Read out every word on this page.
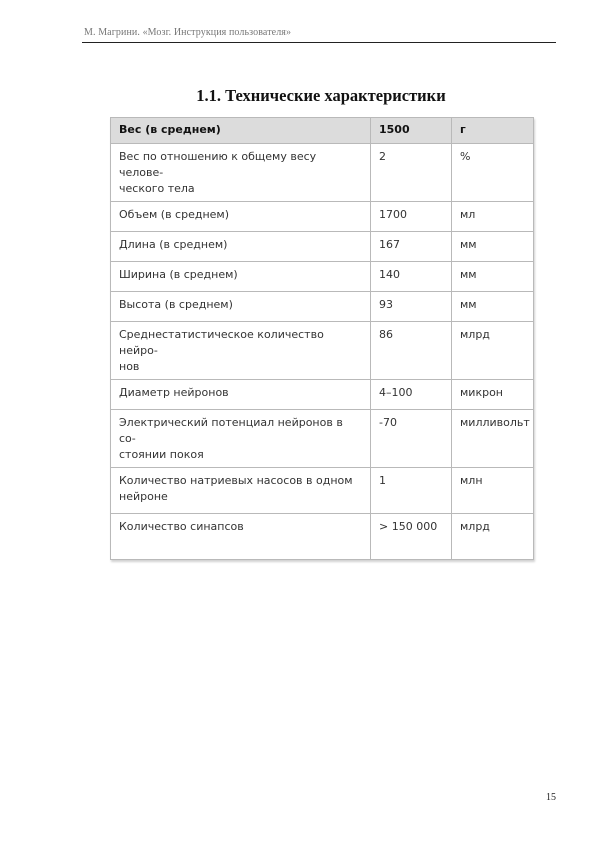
М. Магрини. «Мозг. Инструкция пользователя»
1.1. Технические характеристики
Вес (в среднем)	1500	г
Вес по отношению к общему весу челове-
ческого тела	2	%
Объем (в среднем)	1700	мл
Длина (в среднем)	167	мм
Ширина (в среднем)	140	мм
Высота (в среднем)	93	мм
Среднестатистическое количество нейро-
нов	86	млрд
Диаметр нейронов	4–100	микрон
Электрический потенциал нейронов в со-
стоянии покоя	-70	милливольт
Количество натриевых насосов в одном
нейроне	1	млн
Количество синапсов	> 150 000	млрд
15
